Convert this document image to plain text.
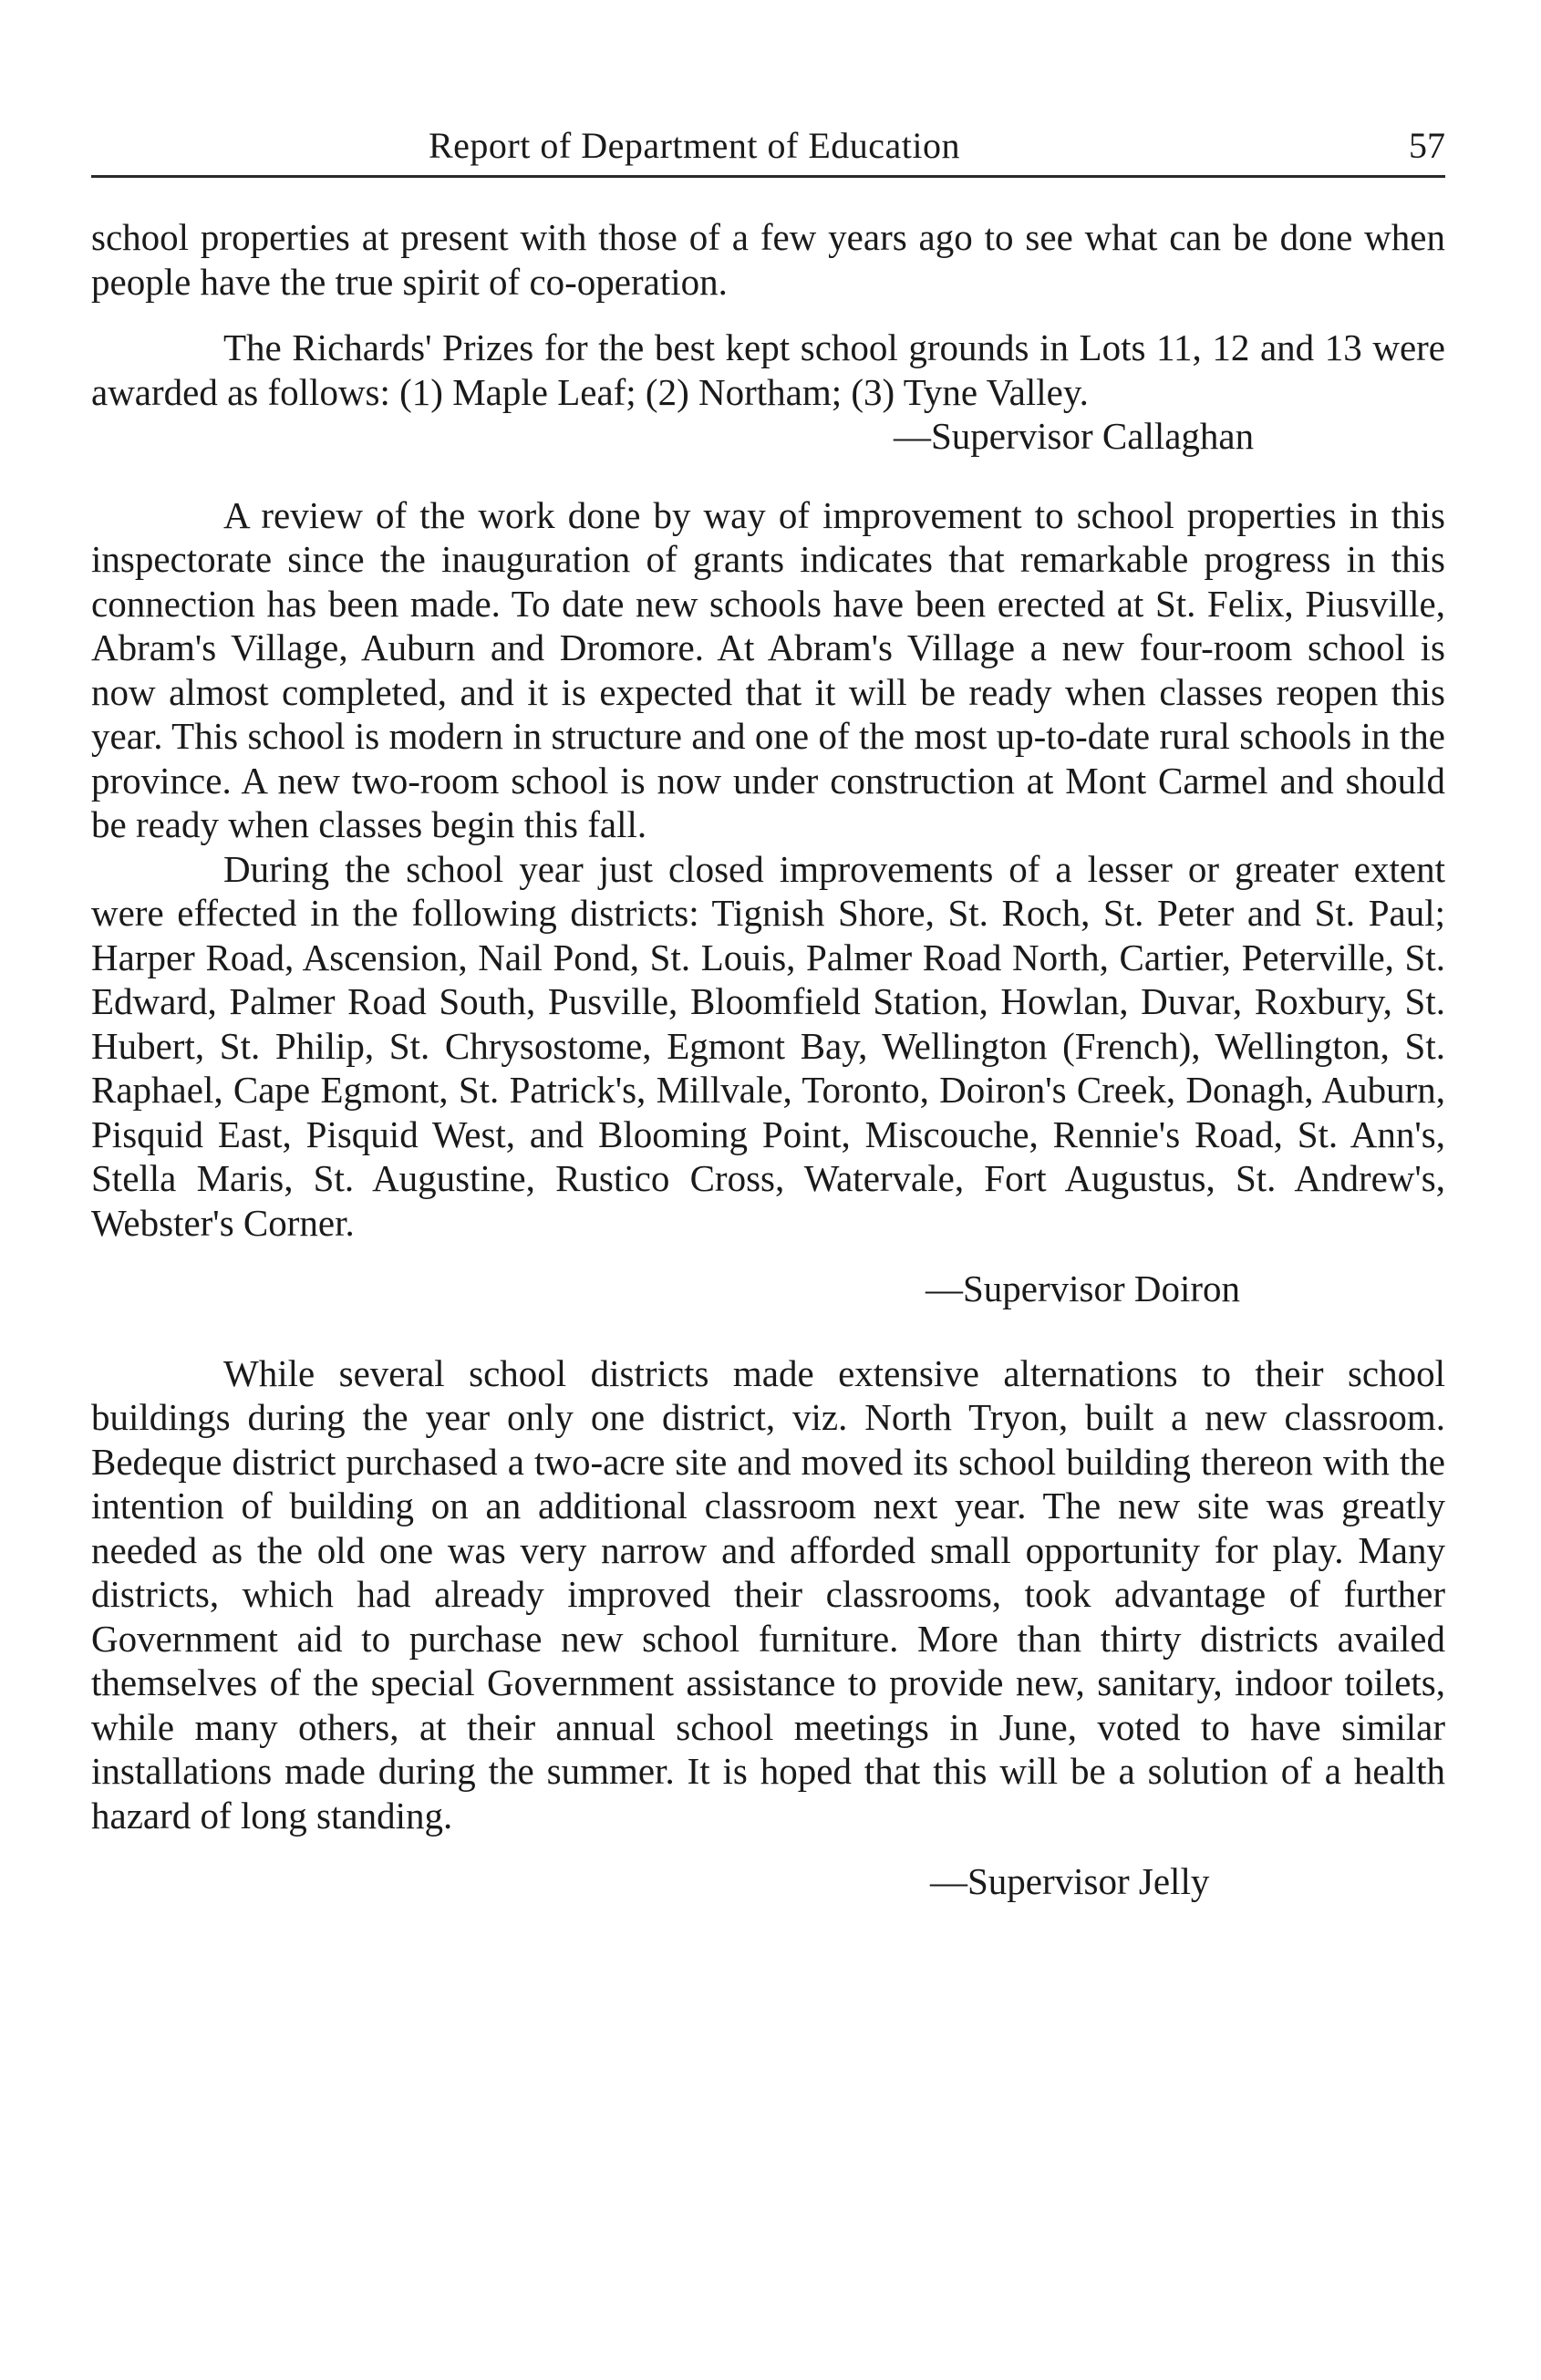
Report of Department of Education	57

school properties at present with those of a few years ago to see what can be done when people have the true spirit of co-operation.

The Richards' Prizes for the best kept school grounds in Lots 11, 12 and 13 were awarded as follows: (1) Maple Leaf; (2) Northam; (3) Tyne Valley.

—Supervisor Callaghan

A review of the work done by way of improvement to school properties in this inspectorate since the inauguration of grants indicates that remarkable progress in this connection has been made. To date new schools have been erected at St. Felix, Piusville, Abram's Village, Auburn and Dromore. At Abram's Village a new four-room school is now almost completed, and it is expected that it will be ready when classes reopen this year. This school is modern in structure and one of the most up-to-date rural schools in the province. A new two-room school is now under construction at Mont Carmel and should be ready when classes begin this fall.

During the school year just closed improvements of a lesser or greater extent were effected in the following districts: Tignish Shore, St. Roch, St. Peter and St. Paul; Harper Road, Ascension, Nail Pond, St. Louis, Palmer Road North, Cartier, Peterville, St. Edward, Palmer Road South, Pusville, Bloomfield Station, Howlan, Duvar, Roxbury, St. Hubert, St. Philip, St. Chrysostome, Egmont Bay, Wellington (French), Wellington, St. Raphael, Cape Egmont, St. Patrick's, Millvale, Toronto, Doiron's Creek, Donagh, Auburn, Pisquid East, Pisquid West, and Blooming Point, Miscouche, Rennie's Road, St. Ann's, Stella Maris, St. Augustine, Rustico Cross, Watervale, Fort Augustus, St. Andrew's, Webster's Corner.

—Supervisor Doiron

While several school districts made extensive alternations to their school buildings during the year only one district, viz. North Tryon, built a new classroom. Bedeque district purchased a two-acre site and moved its school building thereon with the intention of building on an additional classroom next year. The new site was greatly needed as the old one was very narrow and afforded small opportunity for play. Many districts, which had already improved their classrooms, took advantage of further Government aid to purchase new school furniture. More than thirty districts availed themselves of the special Government assistance to provide new, sanitary, indoor toilets, while many others, at their annual school meetings in June, voted to have similar installations made during the summer. It is hoped that this will be a solution of a health hazard of long standing.

—Supervisor Jelly
